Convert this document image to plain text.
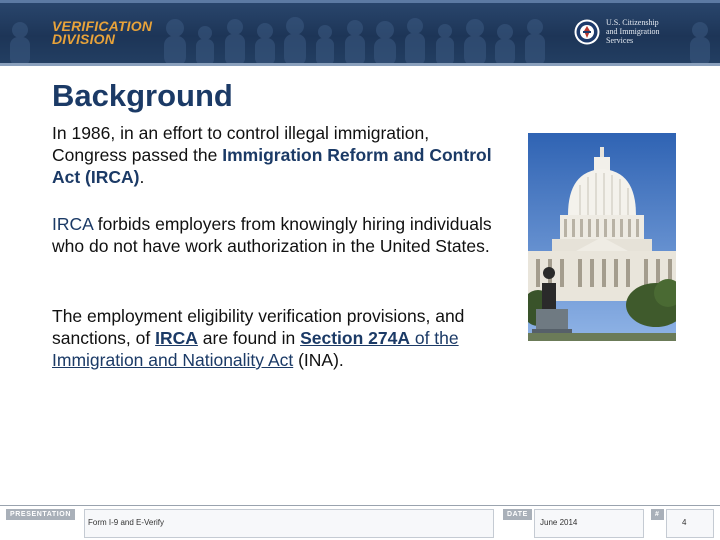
VERIFICATION
DIVISION
U.S. Citizenship
and Immigration
Services
Background
In 1986, in an effort to control illegal immigration, Congress passed the Immigration Reform and Control Act (IRCA).
IRCA forbids employers from knowingly hiring individuals who do not have work authorization in the United States.
The employment eligibility verification provisions, and sanctions, of IRCA are found in Section 274A of the Immigration and Nationality Act (INA).
PRESENTATION
Form I-9 and E-Verify
DATE
June 2014
#
4
